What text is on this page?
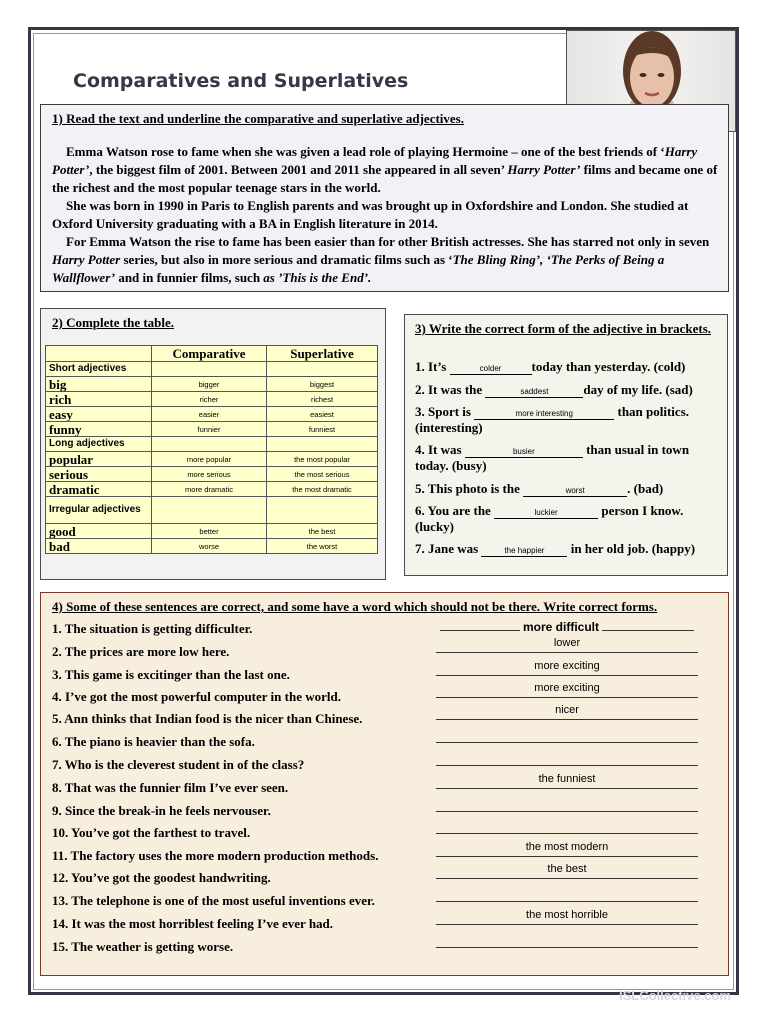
Comparatives and Superlatives
1) Read the text and underline the comparative and superlative adjectives.

Emma Watson rose to fame when she was given a lead role of playing Hermoine – one of the best friends of ‘Harry Potter’, the biggest film of 2001. Between 2001 and 2011 she appeared in all seven’ Harry Potter’ films and became one of the richest and the most popular teenage stars in the world.

She was born in 1990 in Paris to English parents and was brought up in Oxfordshire and London. She studied at Oxford University graduating with a BA in English literature in 2014.

For Emma Watson the rise to fame has been easier than for other British actresses. She has starred not only in seven Harry Potter series, but also in more serious and dramatic films such as ‘The Bling Ring’, ‘The Perks of Being a Wallflower’ and in funnier films, such as ’This is the End’.

2) Complete the table.
	Comparative	Superlative
Short adjectives		
big	bigger	biggest
rich	richer	richest
easy	easier	easiest
funny	funnier	funniest
Long adjectives		
popular	more popular	the most popular
serious	more serious	the most serious
dramatic	more dramatic	the most dramatic
Irregular adjectives		
good	better	the best
bad	worse	the worst
3) Write the correct form of the adjective in brackets.
1. It’s	colder today than yesterday. (cold)
2. It was the	saddest	day of my life. (sad)
3. Sport is	more interesting	than politics. (interesting)
4. It was	busier	than usual in town today. (busy)
5. This photo is the	worst	. (bad)
6. You are the	luckier	person I know. (lucky)
7. Jane was	the happier in her old job. (happy)
4) Some of these sentences are correct, and some have a word which should not be there. Write correct forms.
1. The situation is getting difficulter.	more difficult
2. The prices are more low here.
lower
3. This game is excitinger than the last one.
more exciting
4. I’ve got the most powerful computer in the world.
more exciting
5. Ann thinks that Indian food is the nicer than Chinese.
nicer
6. The piano is heavier than the sofa.
7. Who is the cleverest student in of the class?
8. That was the funnier film I’ve ever seen.
the funniest
9. Since the break-in he feels nervouser.
10. You’ve got the farthest to travel.
11. The factory uses the more modern production methods.
the most modern
12. You’ve got the goodest handwriting.
the best
13. The telephone is one of the most useful inventions ever.
14. It was the most horriblest feeling I’ve ever had.
the most horrible
15. The weather is getting worse.
ISLCollective.com
